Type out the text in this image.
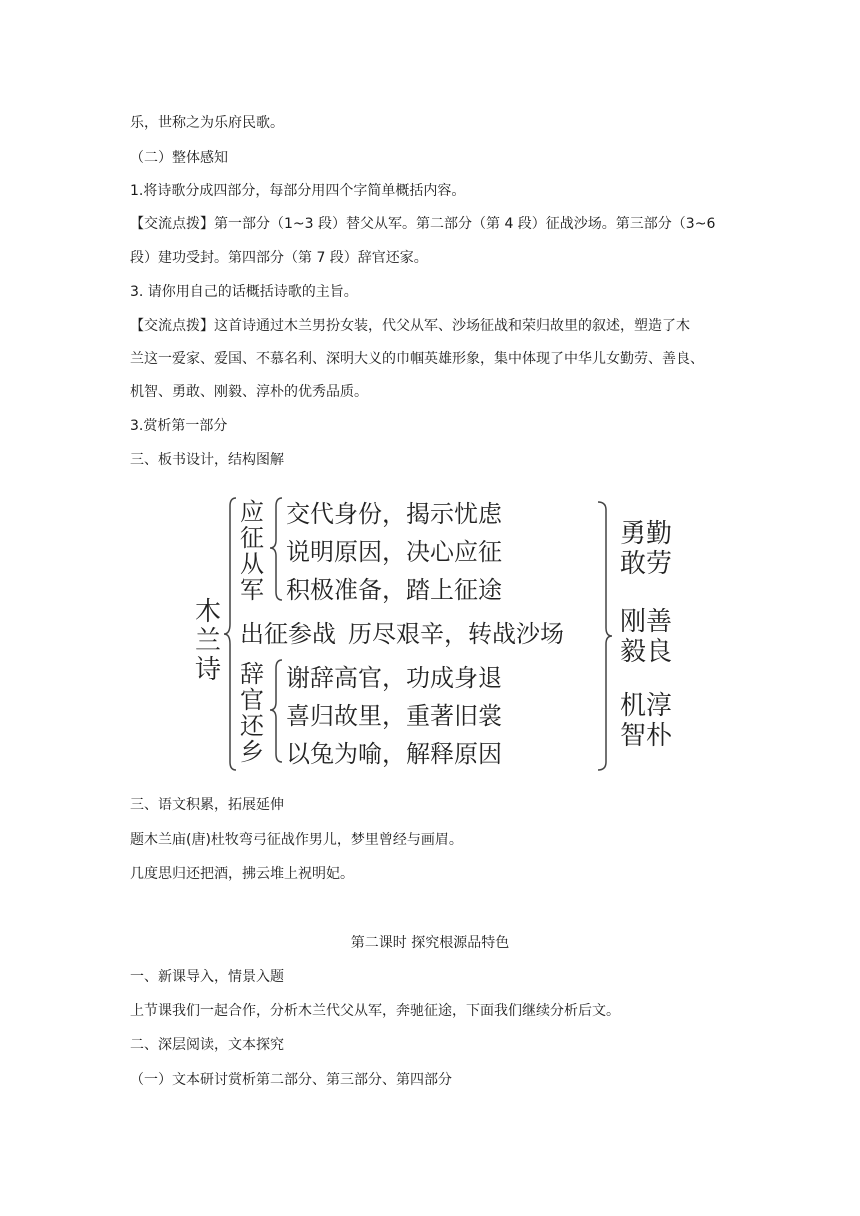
乐，世称之为乐府民歌。
（二）整体感知
1.将诗歌分成四部分，每部分用四个字简单概括内容。
【交流点拨】第一部分（1~3 段）替父从军。第二部分（第 4 段）征战沙场。第三部分（3~6
段）建功受封。第四部分（第 7 段）辞官还家。
3. 请你用自己的话概括诗歌的主旨。
【交流点拨】这首诗通过木兰男扮女装，代父从军、沙场征战和荣归故里的叙述，塑造了木
兰这一爱家、爱国、不慕名利、深明大义的巾帼英雄形象，集中体现了中华儿女勤劳、善良、
机智、勇敢、刚毅、淳朴的优秀品质。
3.赏析第一部分
三、板书设计，结构图解
木
兰
诗
应
征
从
军
交代身份，揭示忧虑
说明原因，决心应征
积极准备，踏上征途
出征参战 历尽艰辛，转战沙场
辞
官
还
乡
谢辞高官，功成身退
喜归故里，重著旧裳
以兔为喻，解释原因
勇 勤
敢 劳
刚 善
毅 良
机 淳
智 朴
三、语文积累，拓展延伸
题木兰庙(唐)杜牧弯弓征战作男儿，梦里曾经与画眉。
几度思归还把酒，拂云堆上祝明妃。
第二课时 探究根源品特色
一、新课导入，情景入题
上节课我们一起合作，分析木兰代父从军，奔驰征途，下面我们继续分析后文。
二、深层阅读，文本探究
（一）文本研讨赏析第二部分、第三部分、第四部分
